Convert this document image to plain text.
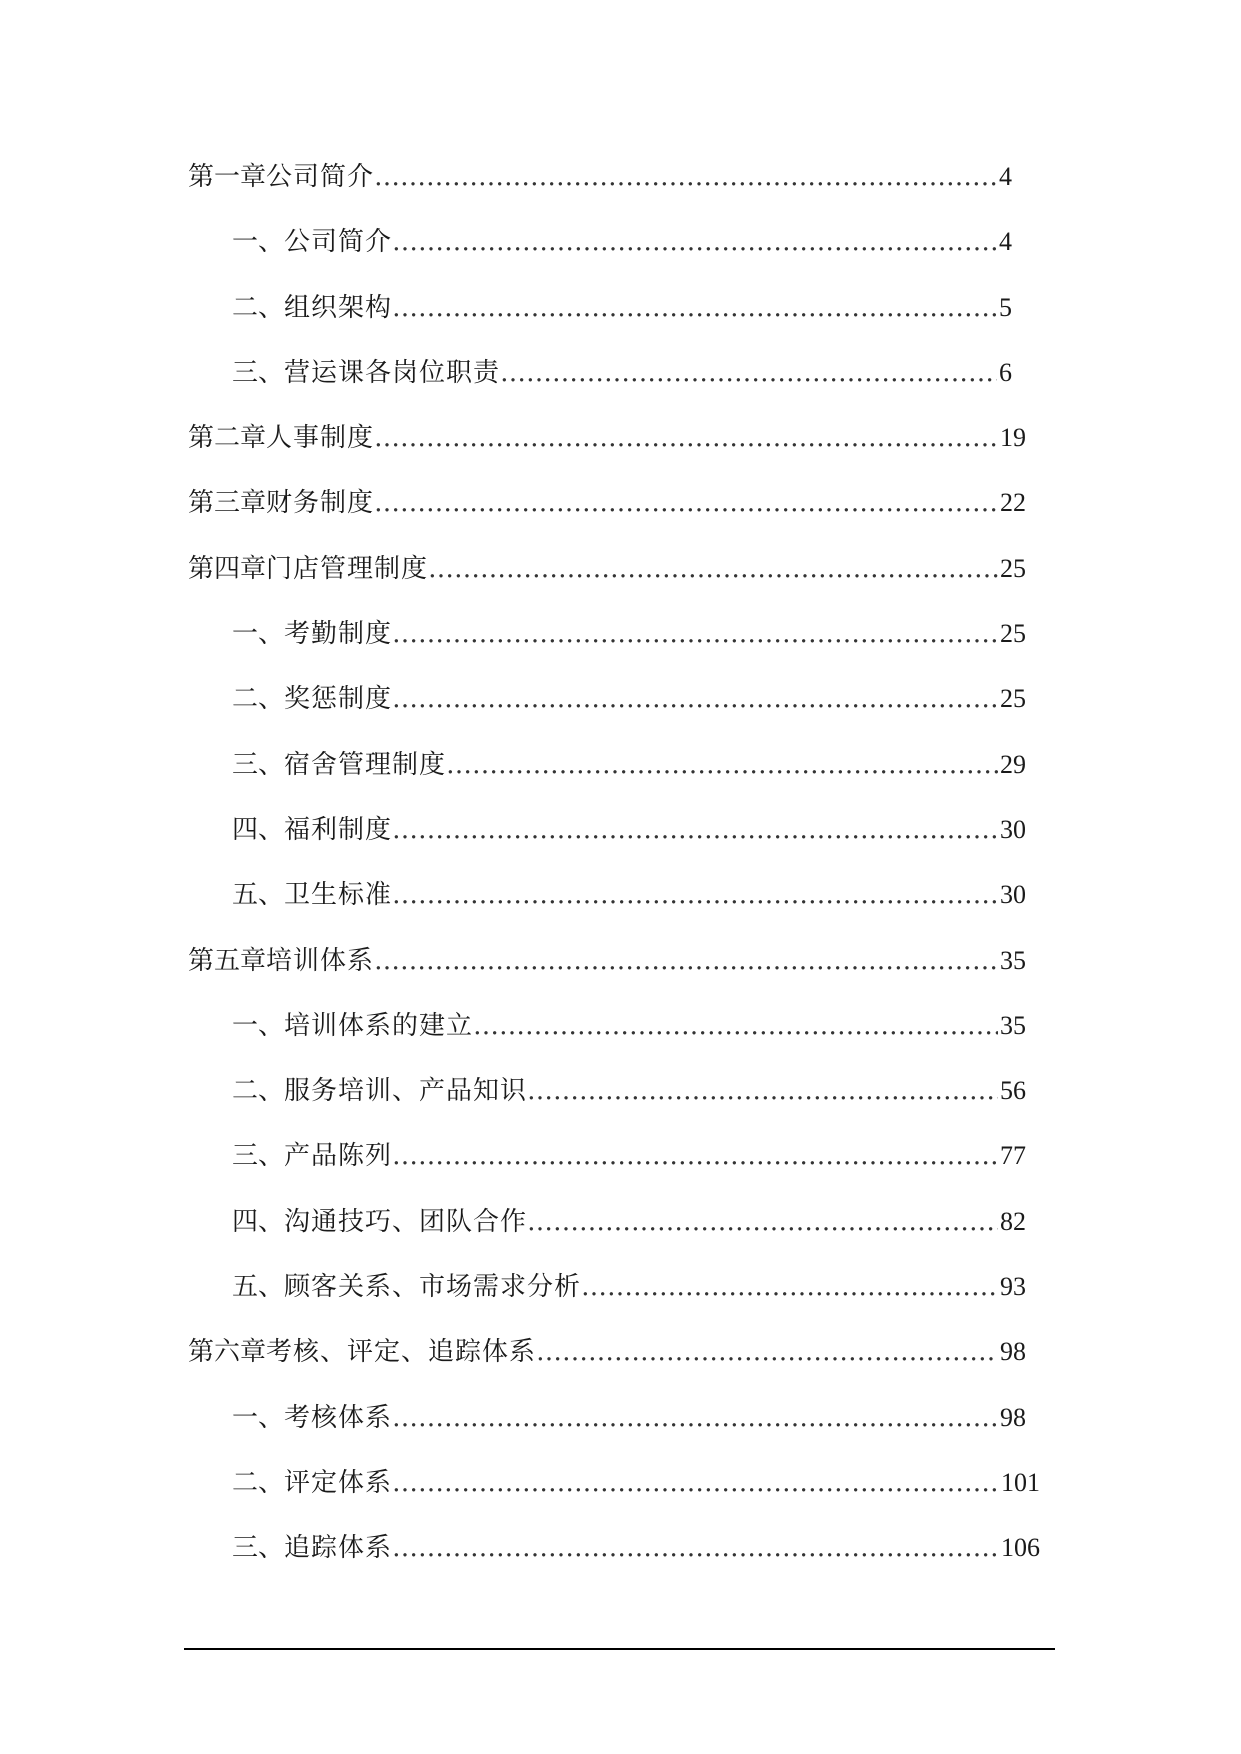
第一章 公司简介 ……………………………………………………………………………………………………………………………………………………………………	4
一、 公司简介 ……………………………………………………………………………………………………………………………………………………………………	4
二、 组织架构 ……………………………………………………………………………………………………………………………………………………………………	5
三、 营运课各岗位职责 ……………………………………………………………………………………………………………………………………………………………………	6
第二章 人事制度 ……………………………………………………………………………………………………………………………………………………………………	19
第三章 财务制度 ……………………………………………………………………………………………………………………………………………………………………	22
第四章 门店管理制度 ……………………………………………………………………………………………………………………………………………………………………	25
一、 考勤制度 ……………………………………………………………………………………………………………………………………………………………………	25
二、 奖惩制度 ……………………………………………………………………………………………………………………………………………………………………	25
三、 宿舍管理制度 ……………………………………………………………………………………………………………………………………………………………………	29
四、 福利制度 ……………………………………………………………………………………………………………………………………………………………………	30
五、 卫生标准 ……………………………………………………………………………………………………………………………………………………………………	30
第五章 培训体系 ……………………………………………………………………………………………………………………………………………………………………	35
一、 培训体系的建立 ……………………………………………………………………………………………………………………………………………………………………	35
二、 服务培训、产品知识 ……………………………………………………………………………………………………………………………………………………………………	56
三、 产品陈列 ……………………………………………………………………………………………………………………………………………………………………	77
四、 沟通技巧、团队合作 ……………………………………………………………………………………………………………………………………………………………………	82
五、 顾客关系、市场需求分析 ……………………………………………………………………………………………………………………………………………………………………	93
第六章 考核、评定、追踪体系 ……………………………………………………………………………………………………………………………………………………………………	98
一、 考核体系 ……………………………………………………………………………………………………………………………………………………………………	98
二、 评定体系 ……………………………………………………………………………………………………………………………………………………………………	101
三、 追踪体系 ……………………………………………………………………………………………………………………………………………………………………	106
